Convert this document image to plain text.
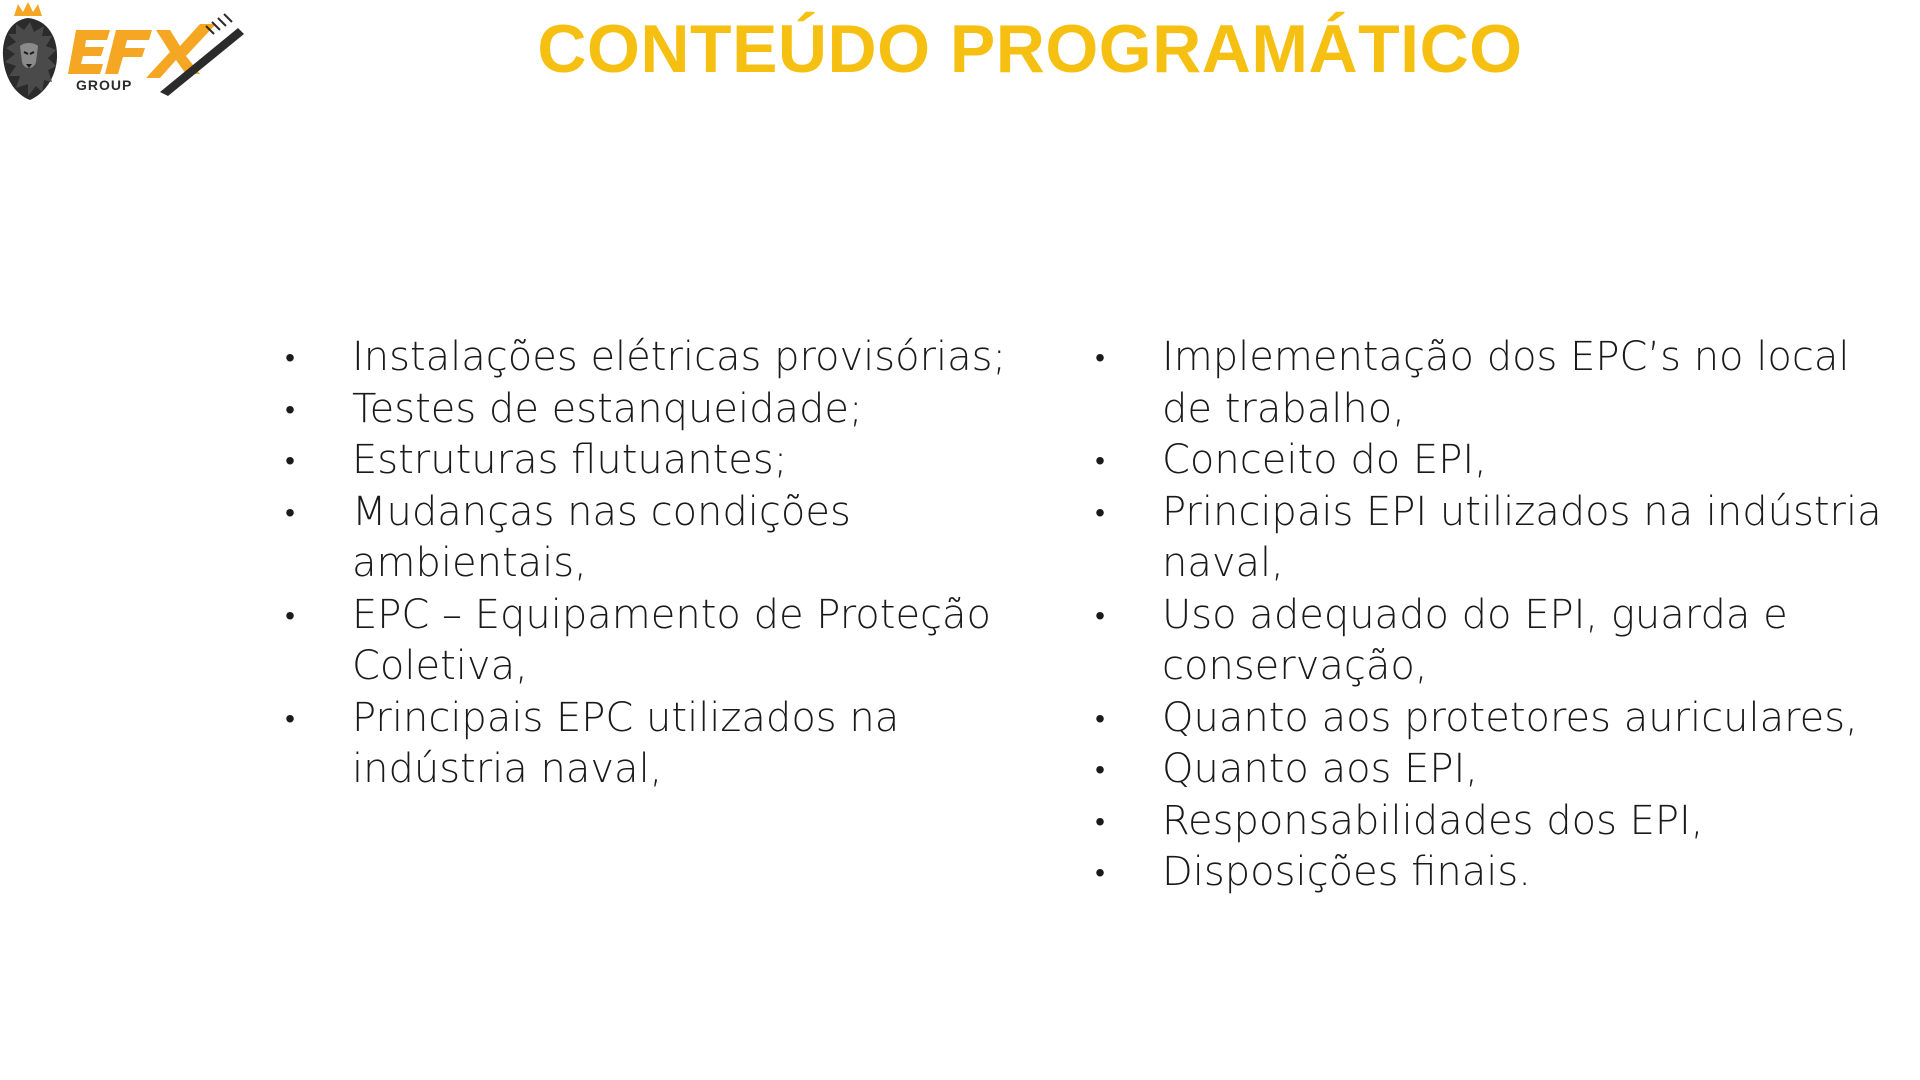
GROUP	CONTEÚDO PROGRAMÁTICO
• Instalações elétricas provisórias;
• Testes de estanqueidade;
• Estruturas flutuantes;
• Mudanças nas condições ambientais,
• EPC – Equipamento de Proteção Coletiva,
• Principais EPC utilizados na indústria naval,
• Implementação dos EPC’s no local de trabalho,
• Conceito do EPI,
• Principais EPI utilizados na indústria naval,
• Uso adequado do EPI, guarda e conservação,
• Quanto aos protetores auriculares,
• Quanto aos EPI,
• Responsabilidades dos EPI,
• Disposições finais.
